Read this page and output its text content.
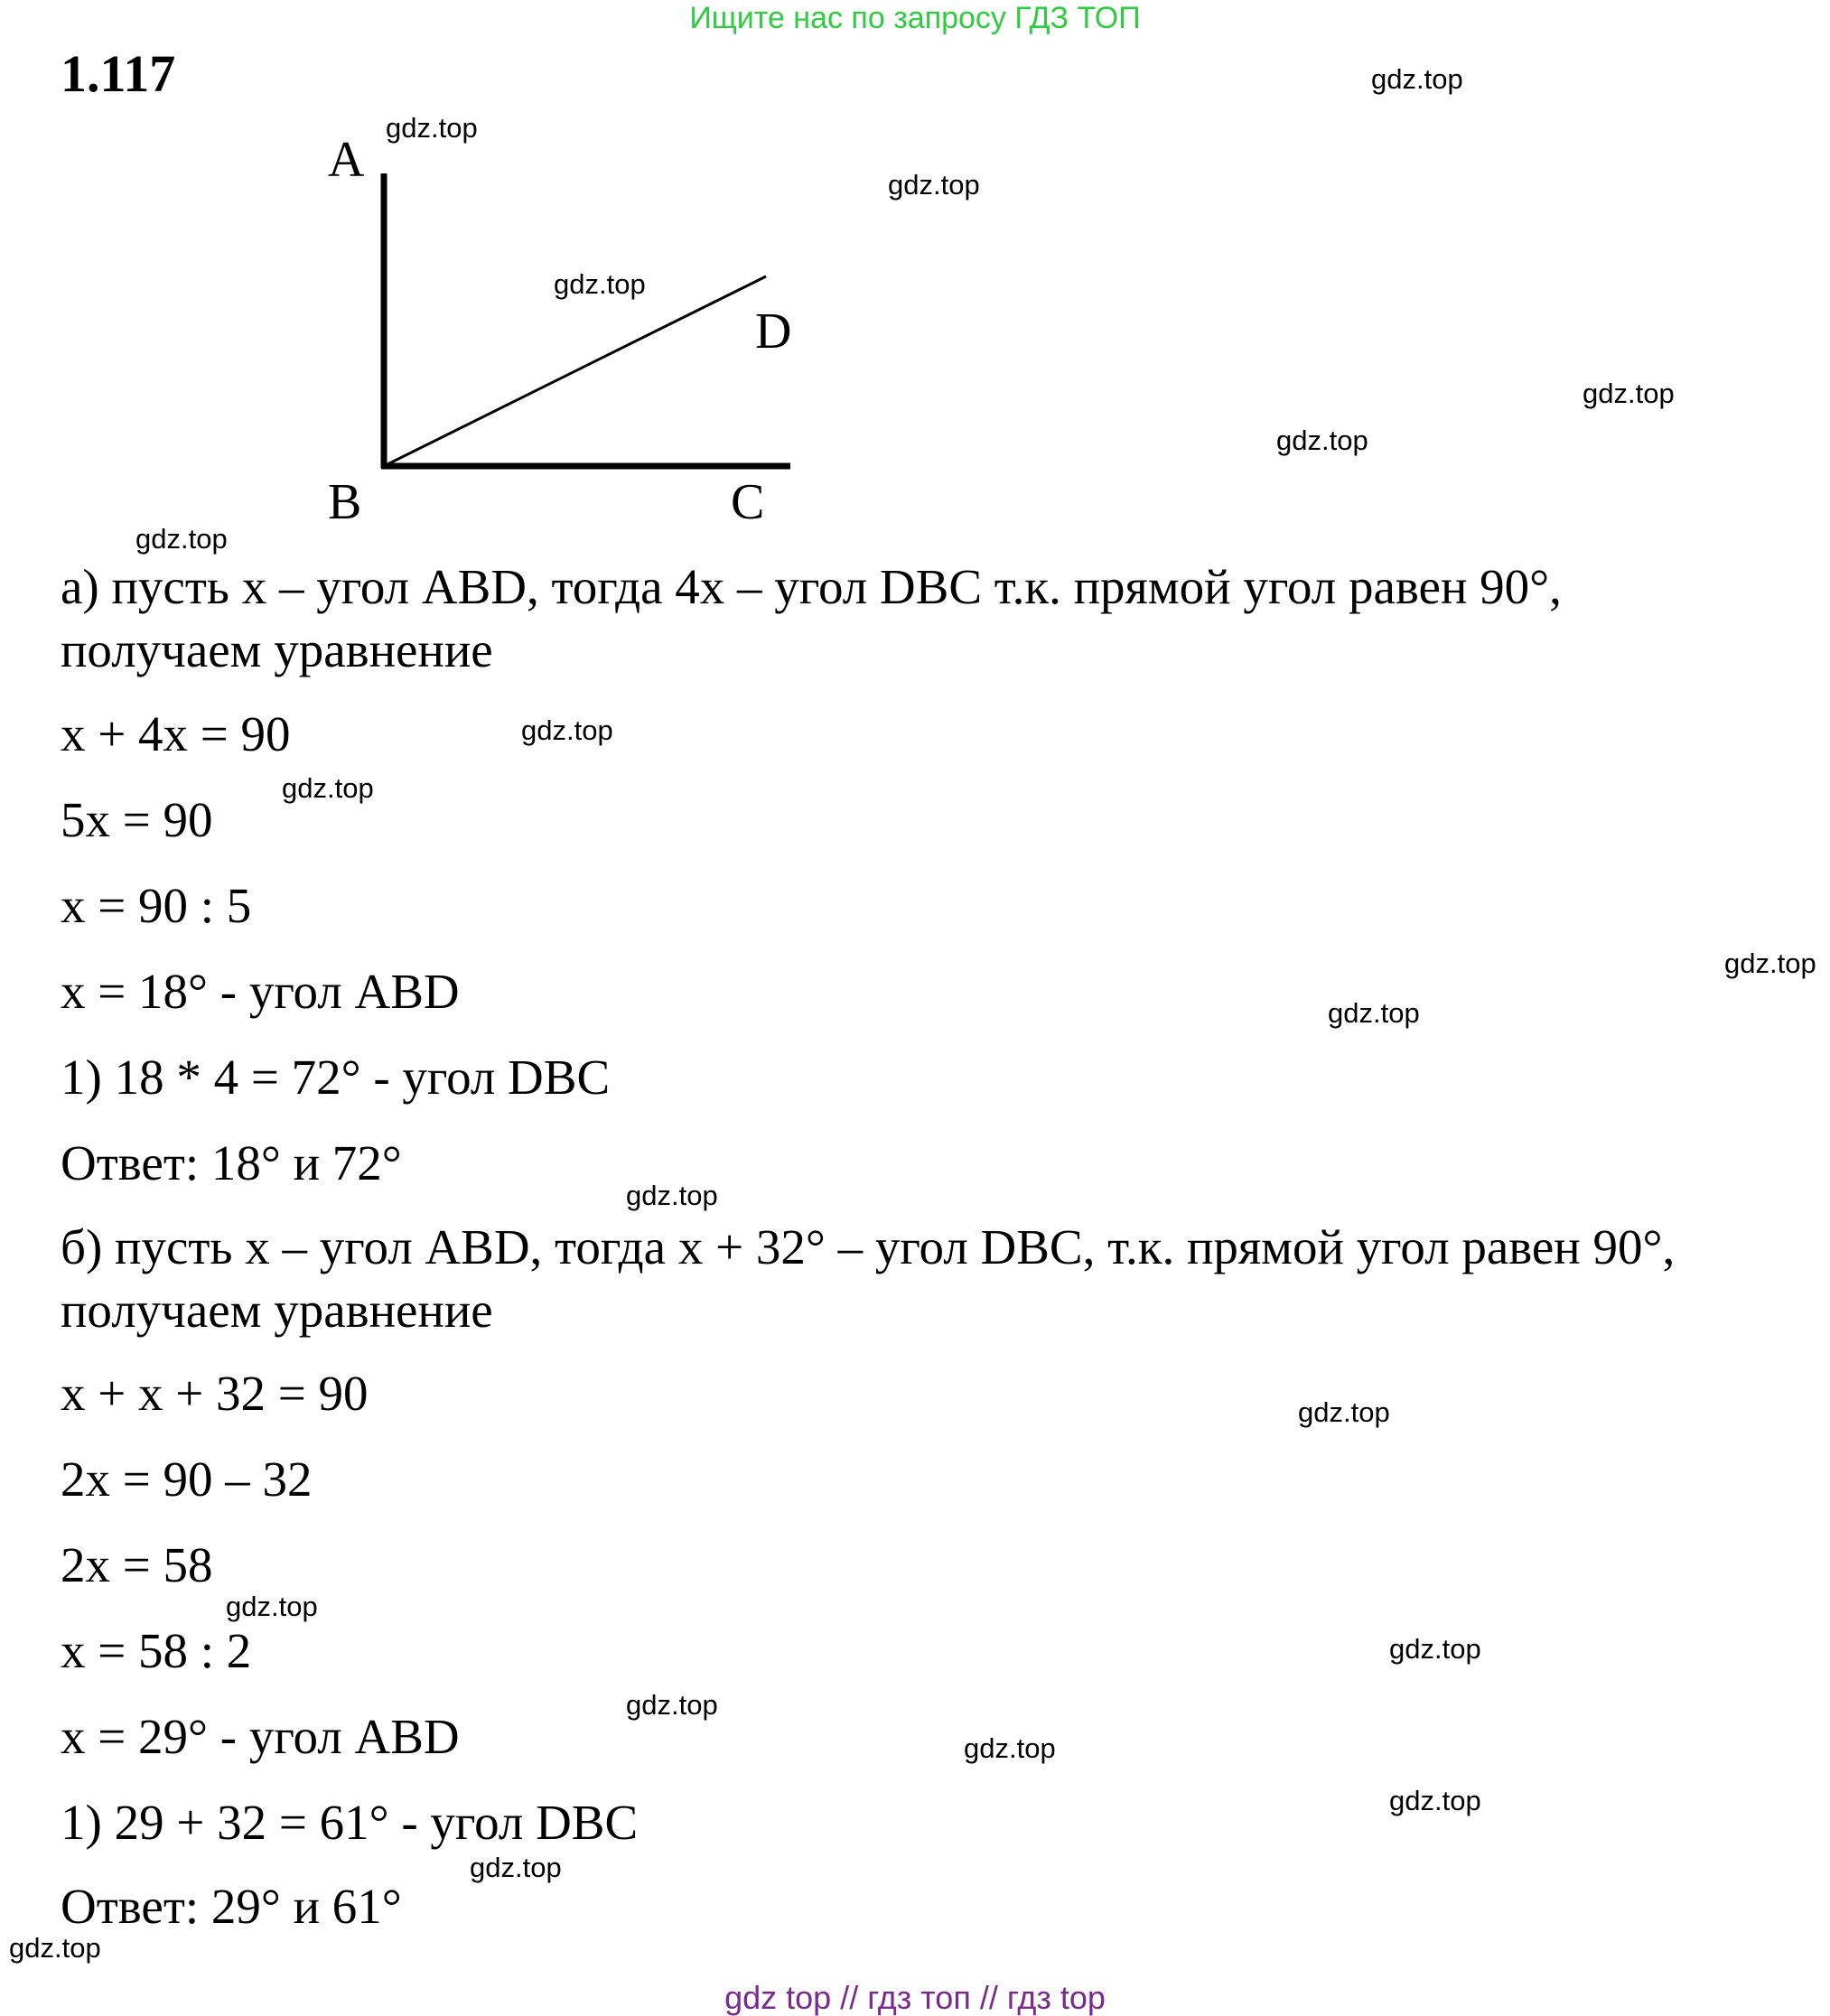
Ищите нас по запросу ГДЗ ТОП
1.117
A
B	C
D
а) пусть х – угол ABD, тогда 4х – угол DBC т.к. прямой угол равен 90°,
получаем уравнение
х + 4х = 90
5х = 90
х = 90 : 5
х = 18° - угол ABD
1) 18 * 4 = 72° - угол DBC
Ответ: 18° и 72°
б) пусть х – угол ABD, тогда х + 32° – угол DBC, т.к. прямой угол равен 90°,
получаем уравнение
х + х + 32 = 90
2х = 90 – 32
2х = 58
х = 58 : 2
х = 29° - угол ABD
1) 29 + 32 = 61° - угол DBC
Ответ: 29° и 61°
gdz.top
gdz.top
gdz.top
gdz.top
gdz.top
gdz.top
gdz.top
gdz.top
gdz.top
gdz.top
gdz.top
gdz.top
gdz.top
gdz.top
gdz.top
gdz.top
gdz.top
gdz.top
gdz.top
gdz.top
gdz top // гдз топ // гдз top
